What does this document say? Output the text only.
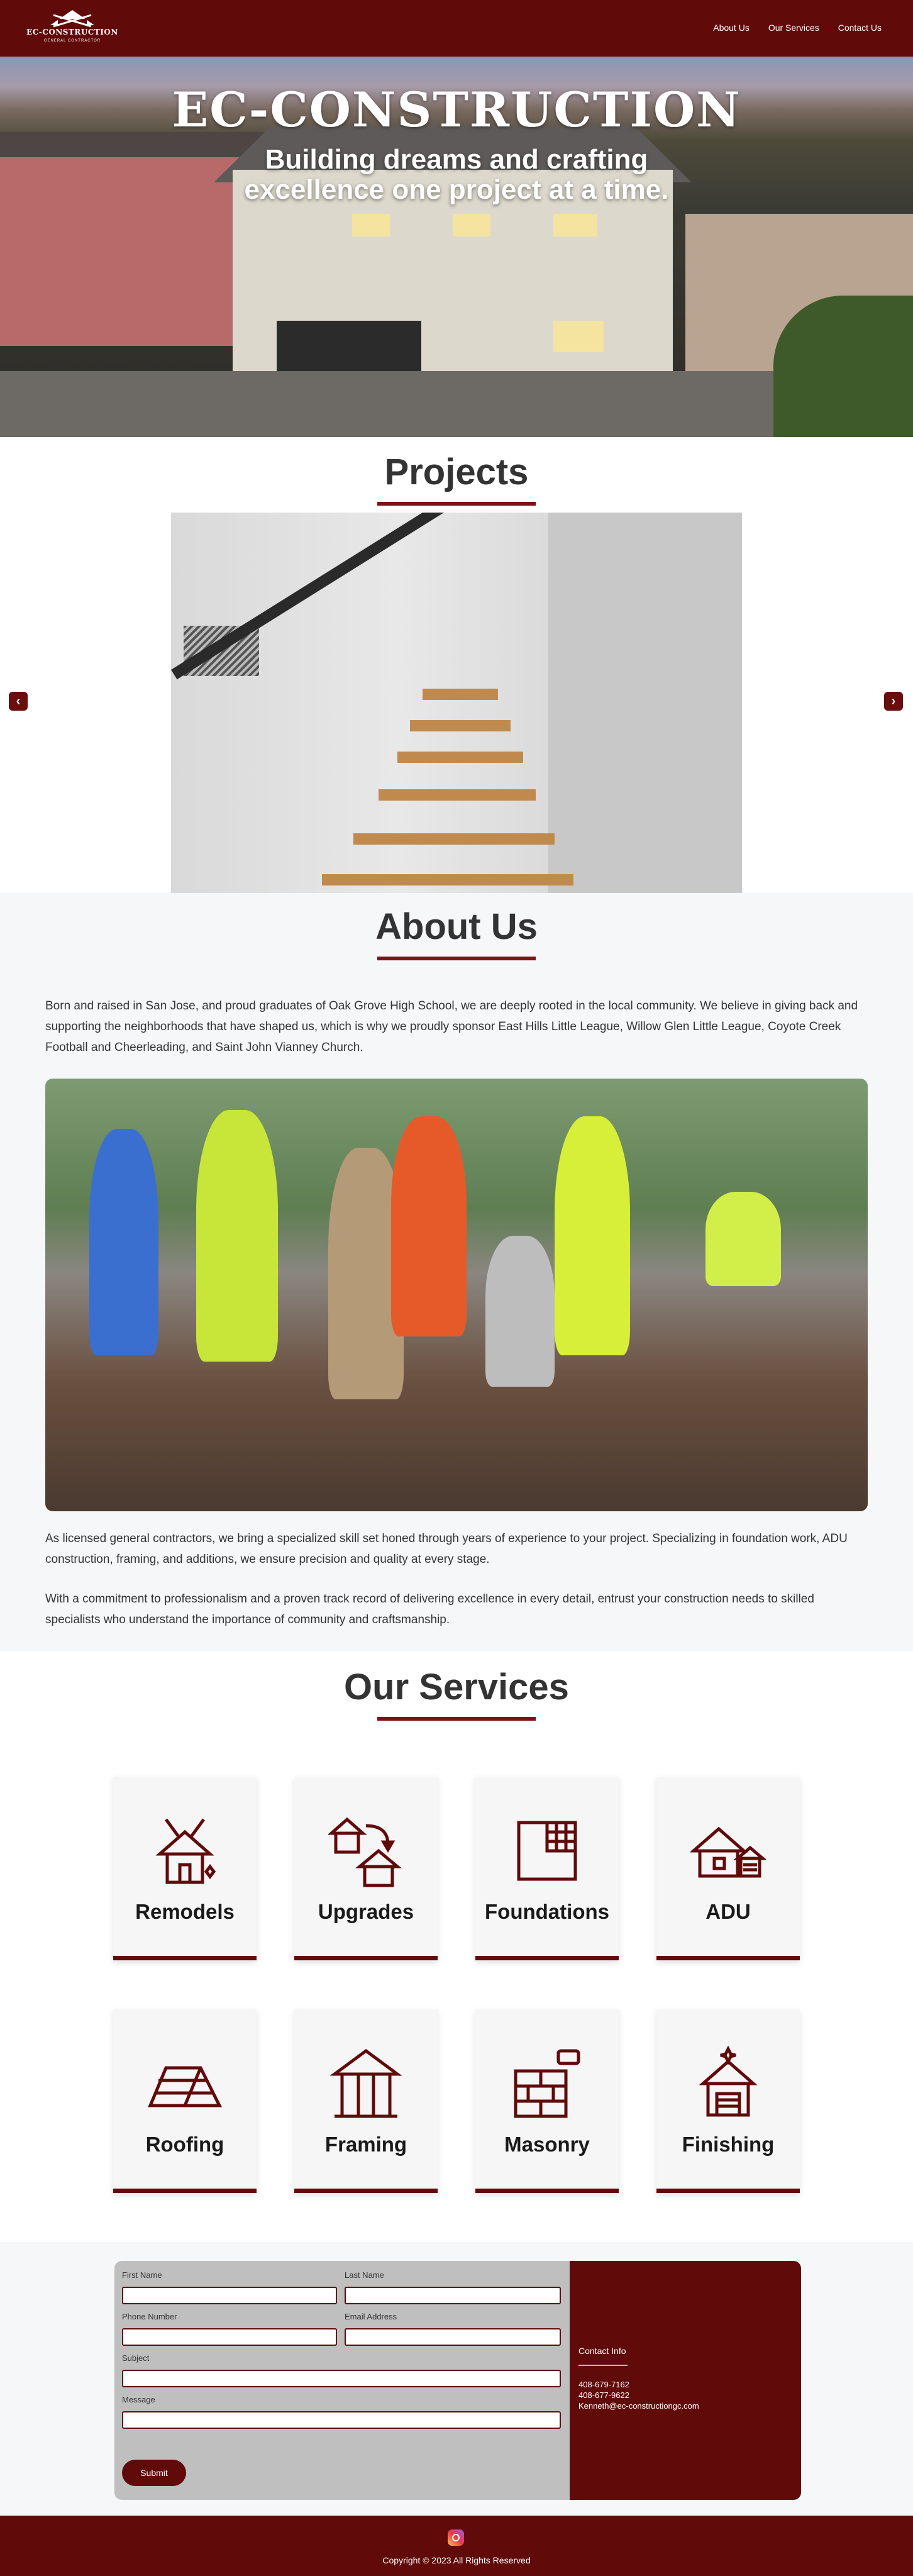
EC-CONSTRUCTION
GENERAL CONTRACTOR
About Us Our Services Contact Us
EC-CONSTRUCTION
Building dreams and crafting excellence one project at a time.
Projects
‹	›
About Us
Born and raised in San Jose, and proud graduates of Oak Grove High School, we are deeply rooted in the local community. We believe in giving back and supporting the neighborhoods that have shaped us, which is why we proudly sponsor East Hills Little League, Willow Glen Little League, Coyote Creek Football and Cheerleading, and Saint John Vianney Church.
As licensed general contractors, we bring a specialized skill set honed through years of experience to your project. Specializing in foundation work, ADU construction, framing, and additions, we ensure precision and quality at every stage.
With a commitment to professionalism and a proven track record of delivering excellence in every detail, entrust your construction needs to skilled specialists who understand the importance of community and craftsmanship.
Our Services
Remodels	Upgrades	Foundations	ADU
Roofing	Framing	Masonry	Finishing
First Name	Last Name
Phone Number	Email Address
Subject
Message
Submit
Contact Info
408-679-7162
408-677-9622
Kenneth@ec-constructiongc.com
Copyright © 2023 All Rights Reserved
